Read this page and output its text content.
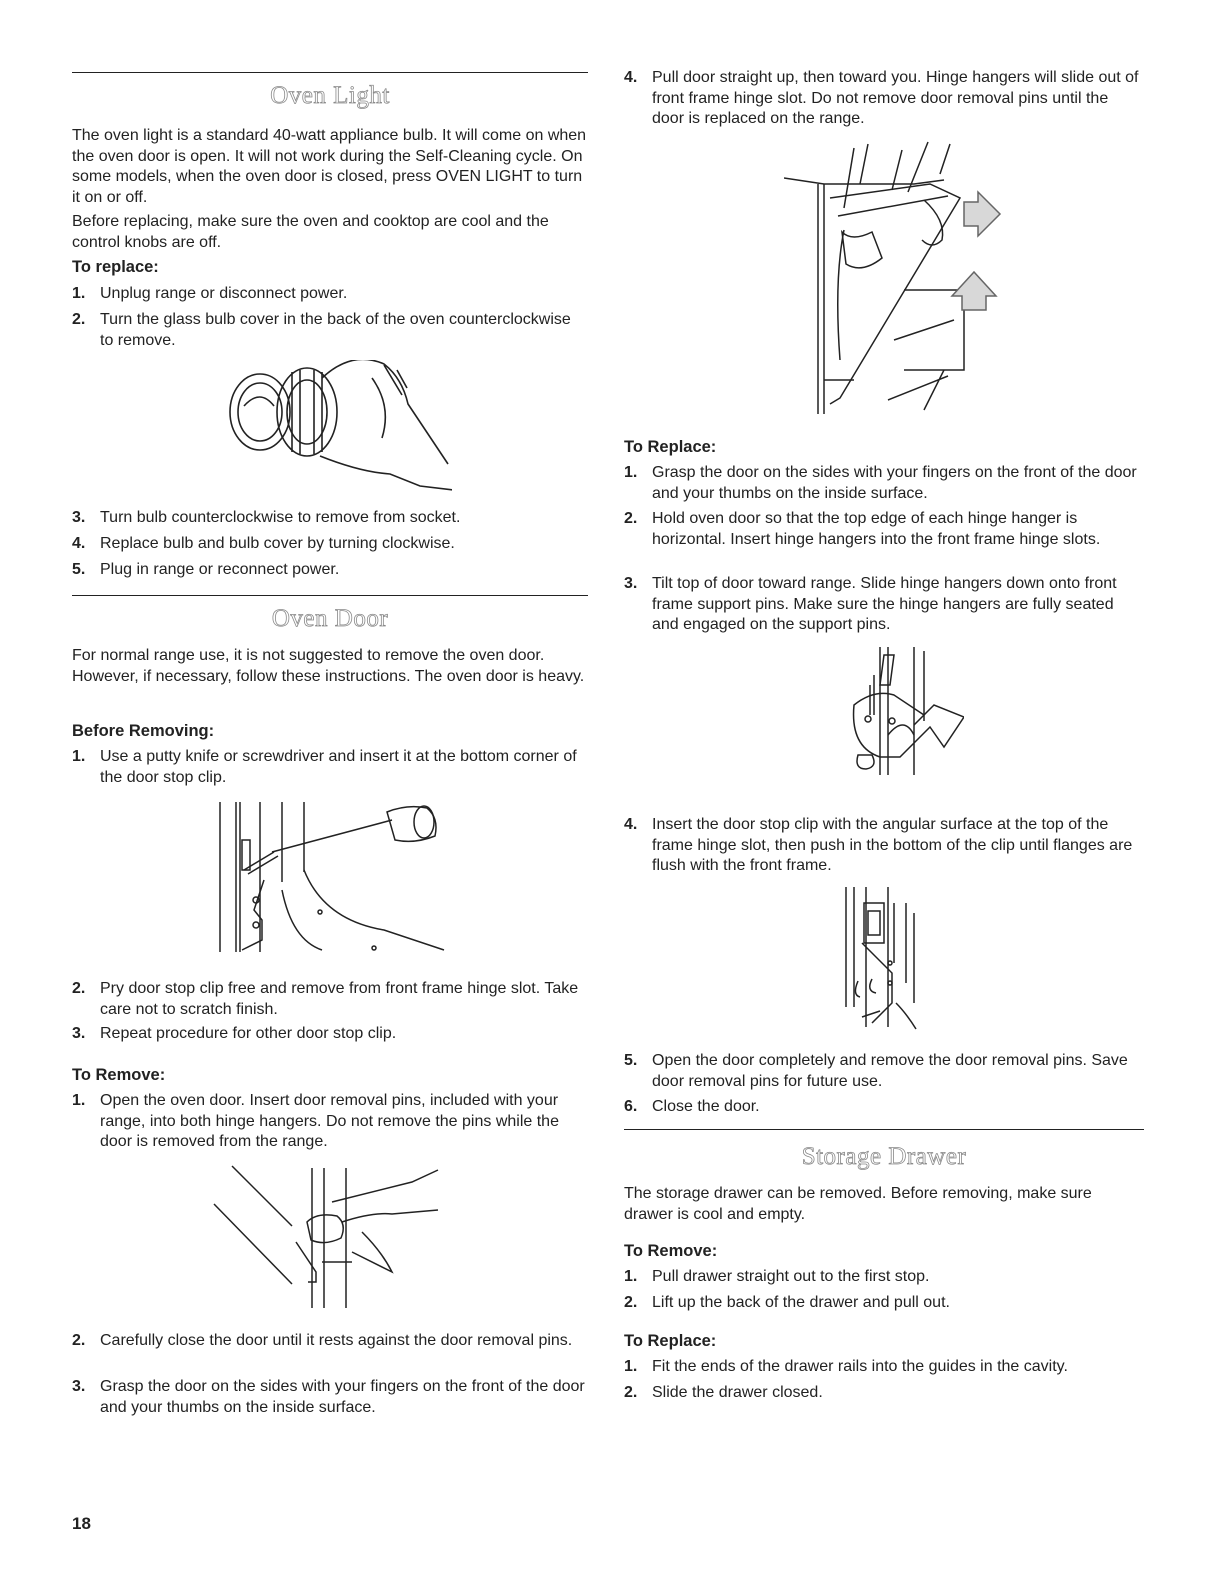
Oven Light

The oven light is a standard 40-watt appliance bulb. It will come on when the oven door is open. It will not work during the Self-Cleaning cycle. On some models, when the oven door is closed, press OVEN LIGHT to turn it on or off.

Before replacing, make sure the oven and cooktop are cool and the control knobs are off.

To replace:

1. Unplug range or disconnect power.
2. Turn the glass bulb cover in the back of the oven counterclockwise to remove.
3. Turn bulb counterclockwise to remove from socket.
4. Replace bulb and bulb cover by turning clockwise.
5. Plug in range or reconnect power.
Oven Door

For normal range use, it is not suggested to remove the oven door. However, if necessary, follow these instructions. The oven door is heavy.

Before Removing:

1. Use a putty knife or screwdriver and insert it at the bottom corner of the door stop clip.
2. Pry door stop clip free and remove from front frame hinge slot. Take care not to scratch finish.
3. Repeat procedure for other door stop clip.

To Remove:

1. Open the oven door. Insert door removal pins, included with your range, into both hinge hangers. Do not remove the pins while the door is removed from the range.
2. Carefully close the door until it rests against the door removal pins.
3. Grasp the door on the sides with your fingers on the front of the door and your thumbs on the inside surface.
4. Pull door straight up, then toward you. Hinge hangers will slide out of front frame hinge slot. Do not remove door removal pins until the door is replaced on the range.

To Replace:

1. Grasp the door on the sides with your fingers on the front of the door and your thumbs on the inside surface.
2. Hold oven door so that the top edge of each hinge hanger is horizontal. Insert hinge hangers into the front frame hinge slots.
3. Tilt top of door toward range. Slide hinge hangers down onto front frame support pins. Make sure the hinge hangers are fully seated and engaged on the support pins.
4. Insert the door stop clip with the angular surface at the top of the frame hinge slot, then push in the bottom of the clip until flanges are flush with the front frame.
5. Open the door completely and remove the door removal pins. Save door removal pins for future use.
6. Close the door.
Storage Drawer

The storage drawer can be removed. Before removing, make sure drawer is cool and empty.

To Remove:

1. Pull drawer straight out to the first stop.
2. Lift up the back of the drawer and pull out.

To Replace:

1. Fit the ends of the drawer rails into the guides in the cavity.
2. Slide the drawer closed.
18
